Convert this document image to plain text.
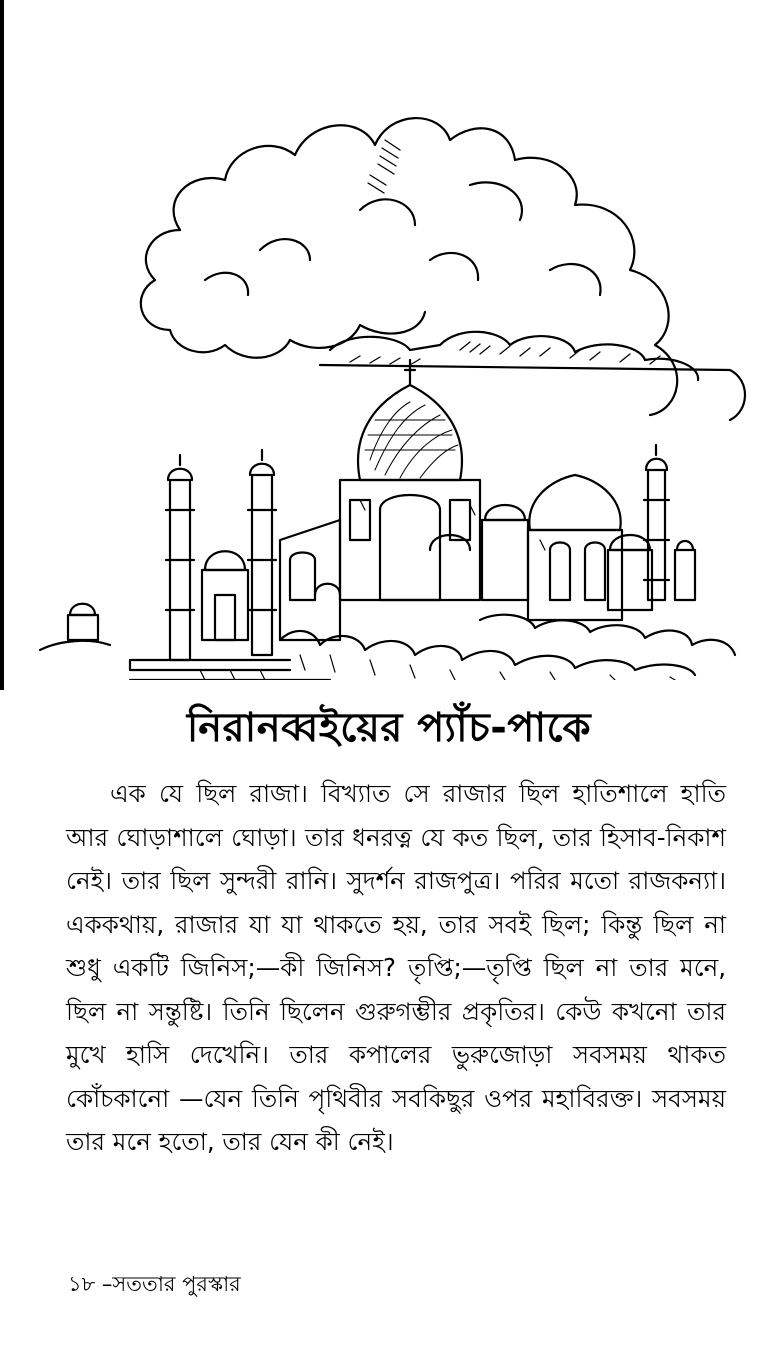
নিরানব্বইয়ের প্যাঁচ-পাকে

এক যে ছিল রাজা। বিখ্যাত সে রাজার ছিল হাতিশালে হাতি আর ঘোড়াশালে ঘোড়া। তার ধনরত্ন যে কত ছিল, তার হিসাব-নিকাশ নেই। তার ছিল সুন্দরী রানি। সুদর্শন রাজপুত্র। পরির মতো রাজকন্যা। এককথায়, রাজার যা যা থাকতে হয়, তার সবই ছিল; কিন্তু ছিল না শুধু একটি জিনিস;—কী জিনিস? তৃপ্তি;—তৃপ্তি ছিল না তার মনে, ছিল না সন্তুষ্টি। তিনি ছিলেন গুরুগম্ভীর প্রকৃতির। কেউ কখনো তার মুখে হাসি দেখেনি। তার কপালের ভুরুজোড়া সবসময় থাকত কোঁচকানো —যেন তিনি পৃথিবীর সবকিছুর ওপর মহাবিরক্ত। সবসময় তার মনে হতো, তার যেন কী নেই।

১৮ –সততার পুরস্কার
